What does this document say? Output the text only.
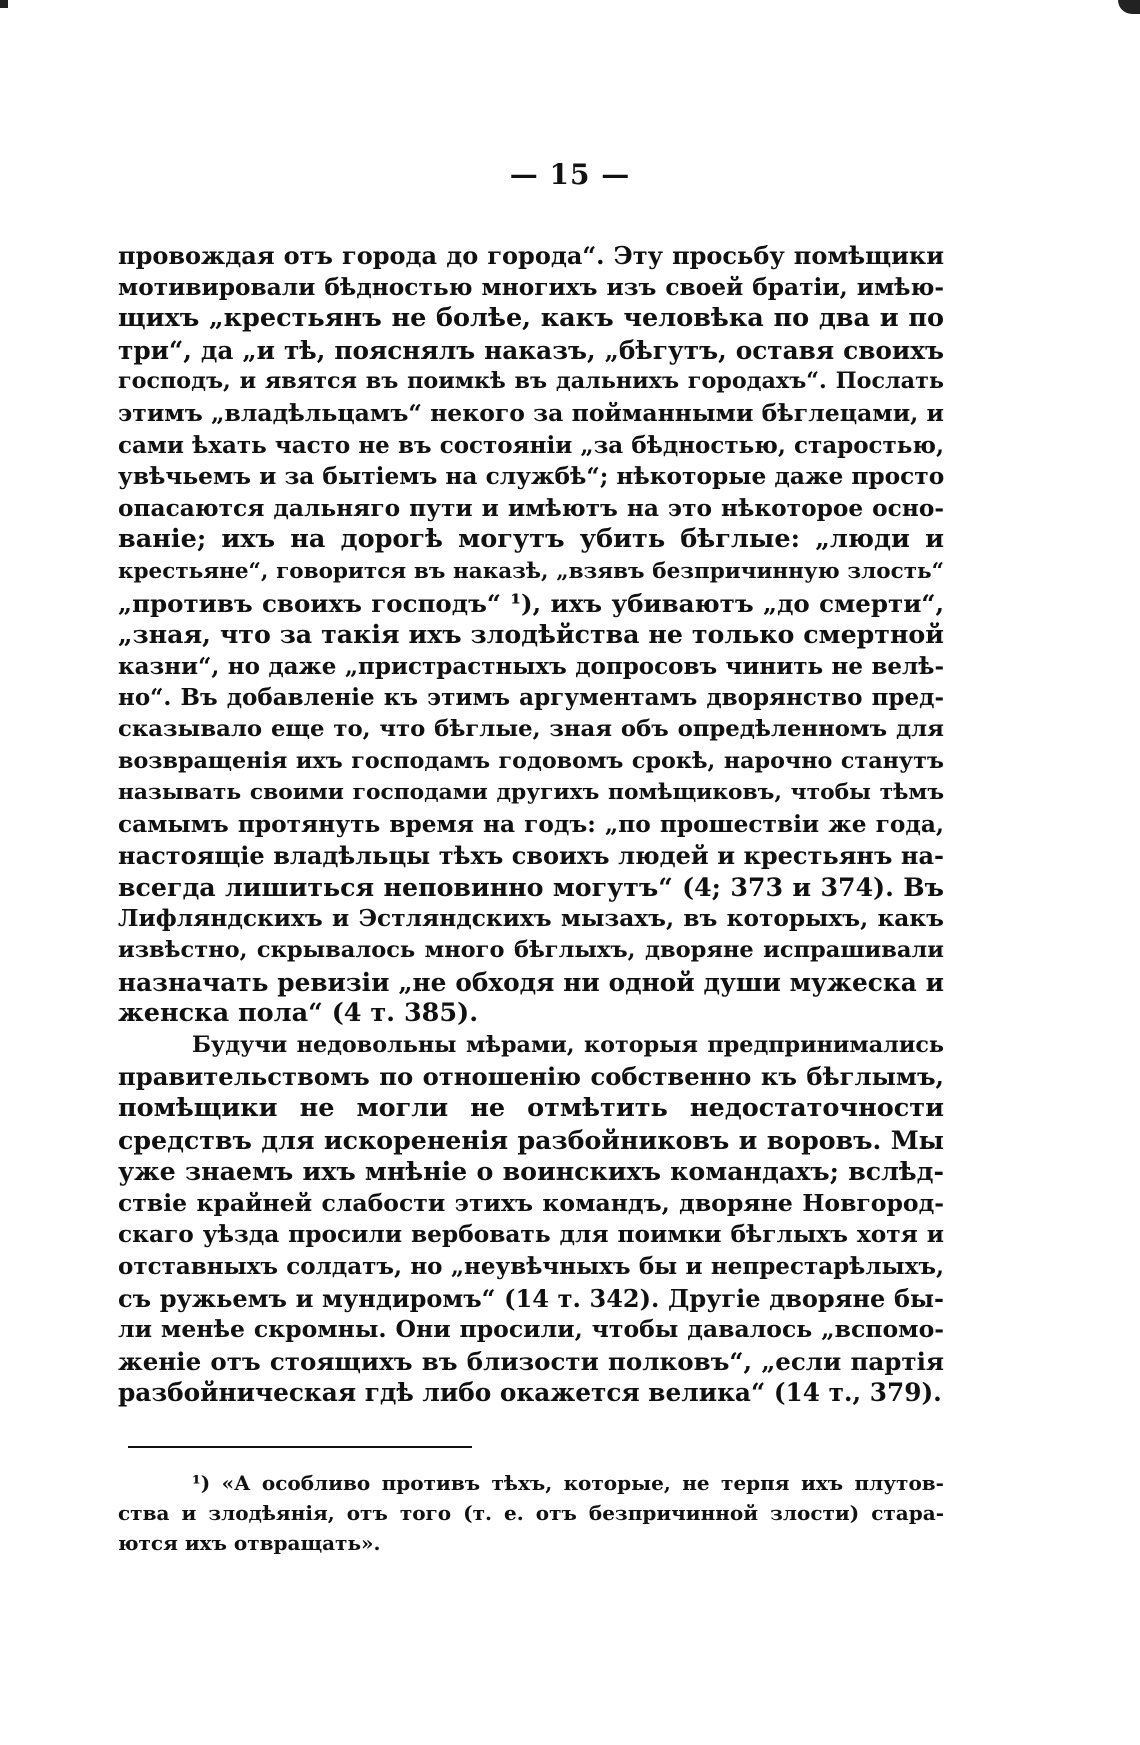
— 15 —
провождая отъ города до города“. Эту просьбу помѣщики
мотивировали бѣдностью многихъ изъ своей братіи, имѣю-
щихъ „крестьянъ не болѣе, какъ человѣка по два и по
три“, да „и тѣ, пояснялъ наказъ, „бѣгутъ, оставя своихъ
господъ, и явятся въ поимкѣ въ дальнихъ городахъ“. Послать
этимъ „владѣльцамъ“ некого за пойманными бѣглецами, и
сами ѣхать часто не въ состояніи „за бѣдностью, старостью,
увѣчьемъ и за бытіемъ на службѣ“; нѣкоторые даже просто
опасаются дальняго пути и имѣютъ на это нѣкоторое осно-
ваніе; ихъ на дорогѣ могутъ убить бѣглые: „люди и
крестьяне“, говорится въ наказѣ, „взявъ безпричинную злость“
„противъ своихъ господъ“ ¹), ихъ убиваютъ „до смерти“,
„зная, что за такія ихъ злодѣйства не только смертной
казни“, но даже „пристрастныхъ допросовъ чинить не велѣ-
но“. Въ добавленіе къ этимъ аргументамъ дворянство пред-
сказывало еще то, что бѣглые, зная объ опредѣленномъ для
возвращенія ихъ господамъ годовомъ срокѣ, нарочно станутъ
называть своими господами другихъ помѣщиковъ, чтобы тѣмъ
самымъ протянуть время на годъ: „по прошествіи же года,
настоящіе владѣльцы тѣхъ своихъ людей и крестьянъ на-
всегда лишиться неповинно могутъ“ (4; 373 и 374). Въ
Лифляндскихъ и Эстляндскихъ мызахъ, въ которыхъ, какъ
извѣстно, скрывалось много бѣглыхъ, дворяне испрашивали
назначать ревизіи „не обходя ни одной души мужеска и
женска пола“ (4 т. 385).
Будучи недовольны мѣрами, которыя предпринимались
правительствомъ по отношенію собственно къ бѣглымъ,
помѣщики не могли не отмѣтить недостаточности
средствъ для искорененія разбойниковъ и воровъ. Мы
уже знаемъ ихъ мнѣніе о воинскихъ командахъ; вслѣд-
ствіе крайней слабости этихъ командъ, дворяне Новгород-
скаго уѣзда просили вербовать для поимки бѣглыхъ хотя и
отставныхъ солдатъ, но „неувѣчныхъ бы и непрестарѣлыхъ,
съ ружьемъ и мундиромъ“ (14 т. 342). Другіе дворяне бы-
ли менѣе скромны. Они просили, чтобы давалось „вспомо-
женіе отъ стоящихъ въ близости полковъ“, „если партія
разбойническая гдѣ либо окажется велика“ (14 т., 379).
¹) «А особливо противъ тѣхъ, которые, не терпя ихъ плутов-
ства и злодѣянія, отъ того (т. е. отъ безпричинной злости) стара-
ются ихъ отвращать».
